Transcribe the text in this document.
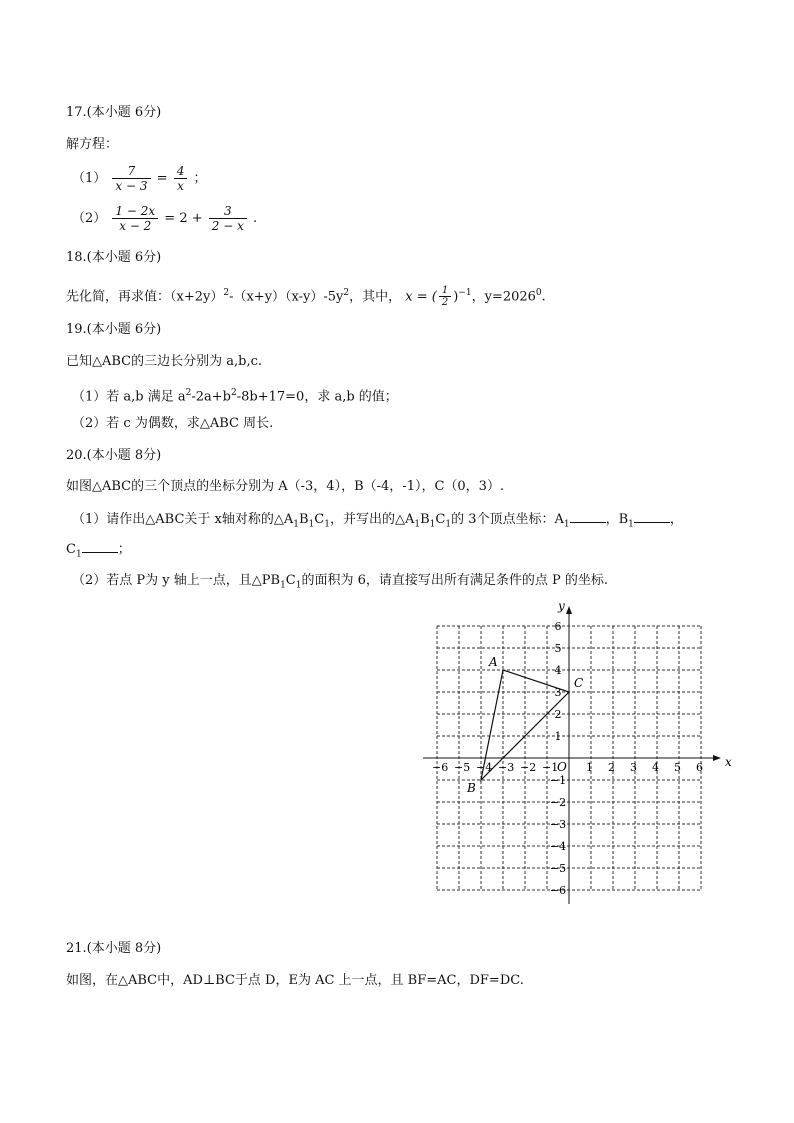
17.(本小题 6分)
解方程：
$(1) \frac{7}{x - 3} = \frac{4}{x}$ ；
$(2) \frac{1 - 2x}{x - 2} = 2 + \frac{3}{2 - x}$ .
18.(本小题 6分)
先化简，再求值：$(x+2y)^2-(x+y)(x-y)-5y^2$，其中， x = ( $\frac{1}{2} )^{-1}$，$y=2026^0$.
19.(本小题 6分)
已知△ABC的三边长分别为 a,b,c.
（1）若 a,b 满足 $a^2-2a+b^2-8b+17=0$，求 a,b 的值；
（2）若 c 为偶数，求△ABC 周长.
20.(本小题 8分)
如图△ABC的三个顶点的坐标分别为 A（-3，4），B（-4，-1），C（0，3）.
（1）请作出△ABC关于 x轴对称的$\triangle A_1B_1C_1$，并写出的$\triangle A_1B_1C_1$的 3个顶点坐标：$A_1$	，$B_1$	，
$C_1$	；
（2）若点 P为 y 轴上一点，且$\triangle PB_1C_1$的面积为 6，请直接写出所有满足条件的点 P 的坐标.
x
y
O
−6 −5 −4 −3 −2 −1	1 2 3 4 5 6
6
5
4
3
2
1
−1
−2
−3
−4
−5
−6
A
B
C
21.(本小题 8分)
如图，在△ABC中，AD⊥BC于点 D，E为 AC 上一点，且 BF=AC，DF=DC.
